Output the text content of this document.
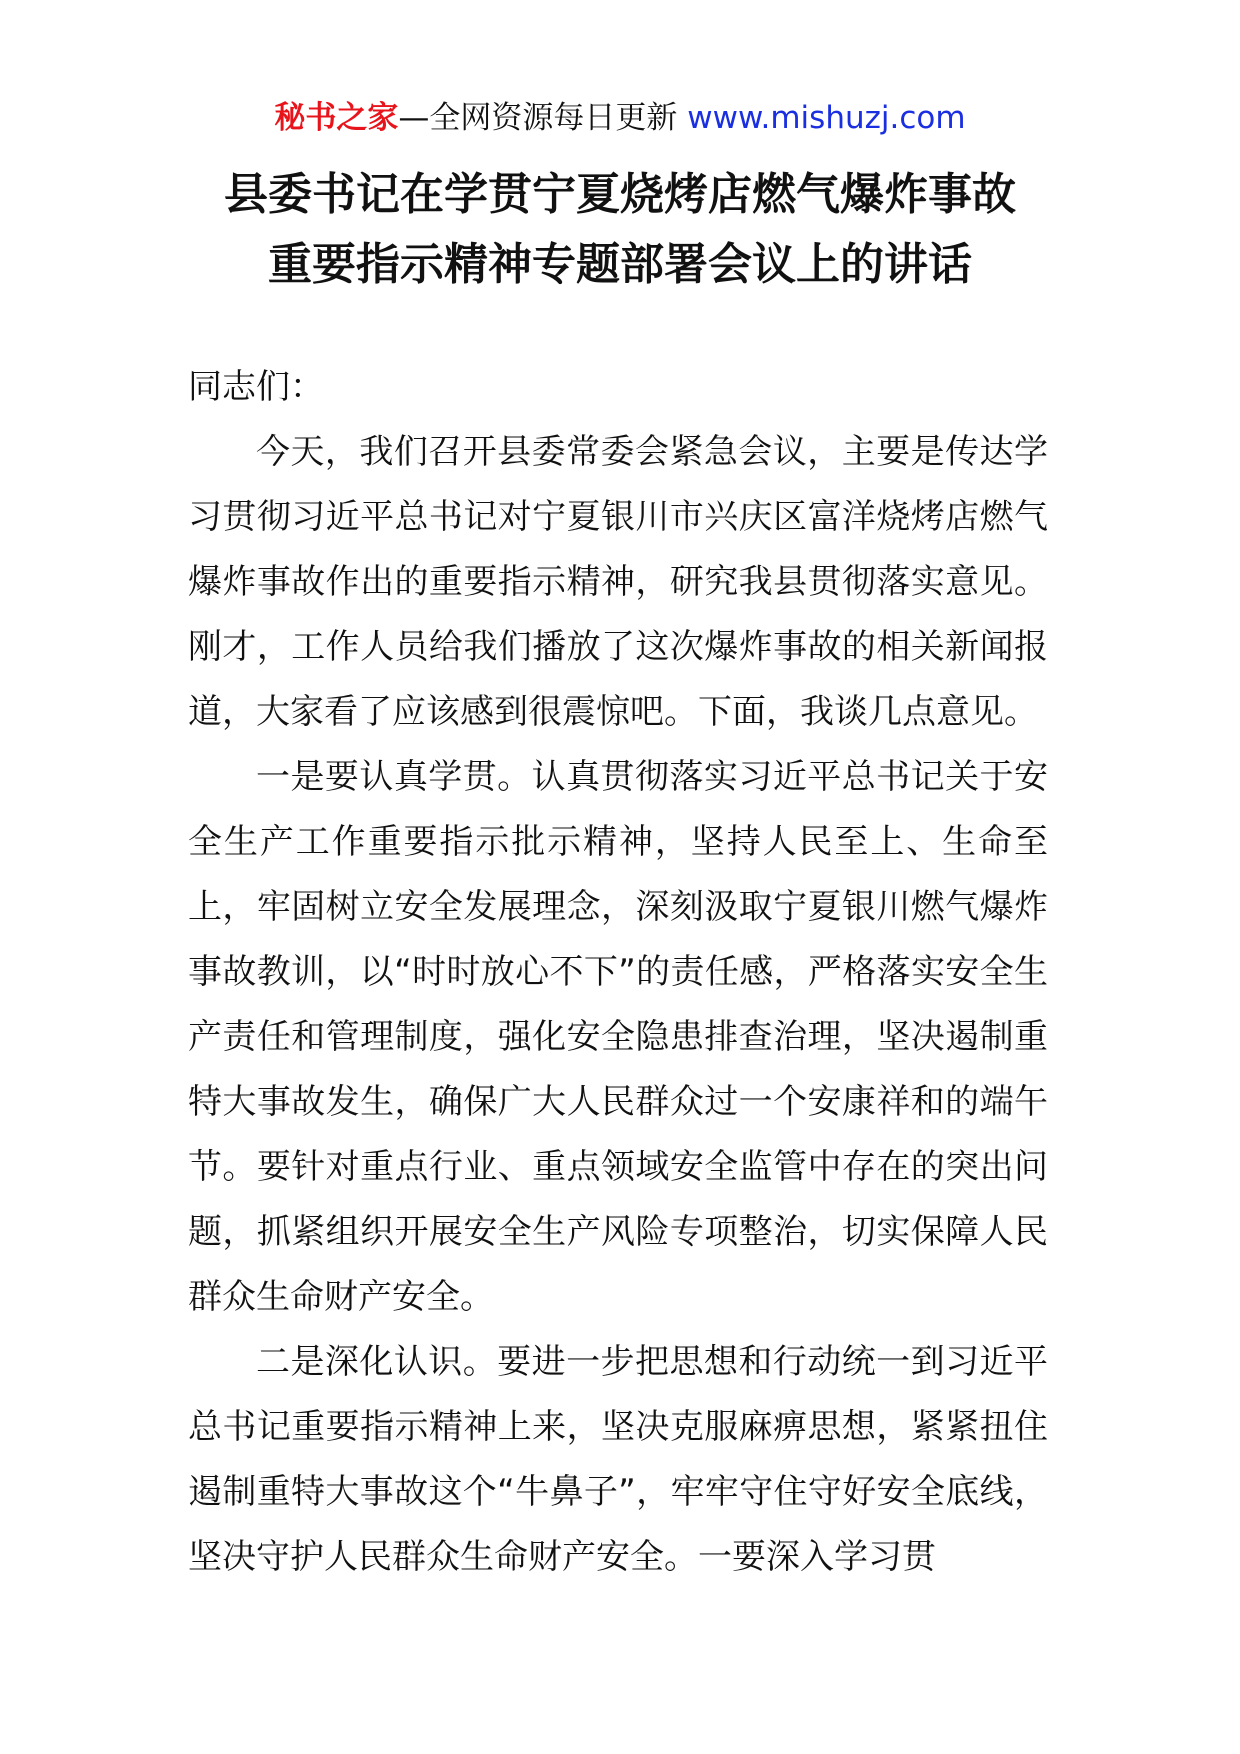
秘书之家—全网资源每日更新 www.mishuzj.com
县委书记在学贯宁夏烧烤店燃气爆炸事故
重要指示精神专题部署会议上的讲话

同志们：

今天，我们召开县委常委会紧急会议，主要是传达学习贯彻习近平总书记对宁夏银川市兴庆区富洋烧烤店燃气爆炸事故作出的重要指示精神，研究我县贯彻落实意见。刚才，工作人员给我们播放了这次爆炸事故的相关新闻报道，大家看了应该感到很震惊吧。下面，我谈几点意见。

一是要认真学贯。认真贯彻落实习近平总书记关于安全生产工作重要指示批示精神，坚持人民至上、生命至上，牢固树立安全发展理念，深刻汲取宁夏银川燃气爆炸事故教训，以“时时放心不下”的责任感，严格落实安全生产责任和管理制度，强化安全隐患排查治理，坚决遏制重特大事故发生，确保广大人民群众过一个安康祥和的端午节。要针对重点行业、重点领域安全监管中存在的突出问题，抓紧组织开展安全生产风险专项整治，切实保障人民群众生命财产安全。

二是深化认识。要进一步把思想和行动统一到习近平总书记重要指示精神上来，坚决克服麻痹思想，紧紧扭住遏制重特大事故这个“牛鼻子”，牢牢守住守好安全底线，坚决守护人民群众生命财产安全。一要深入学习贯
